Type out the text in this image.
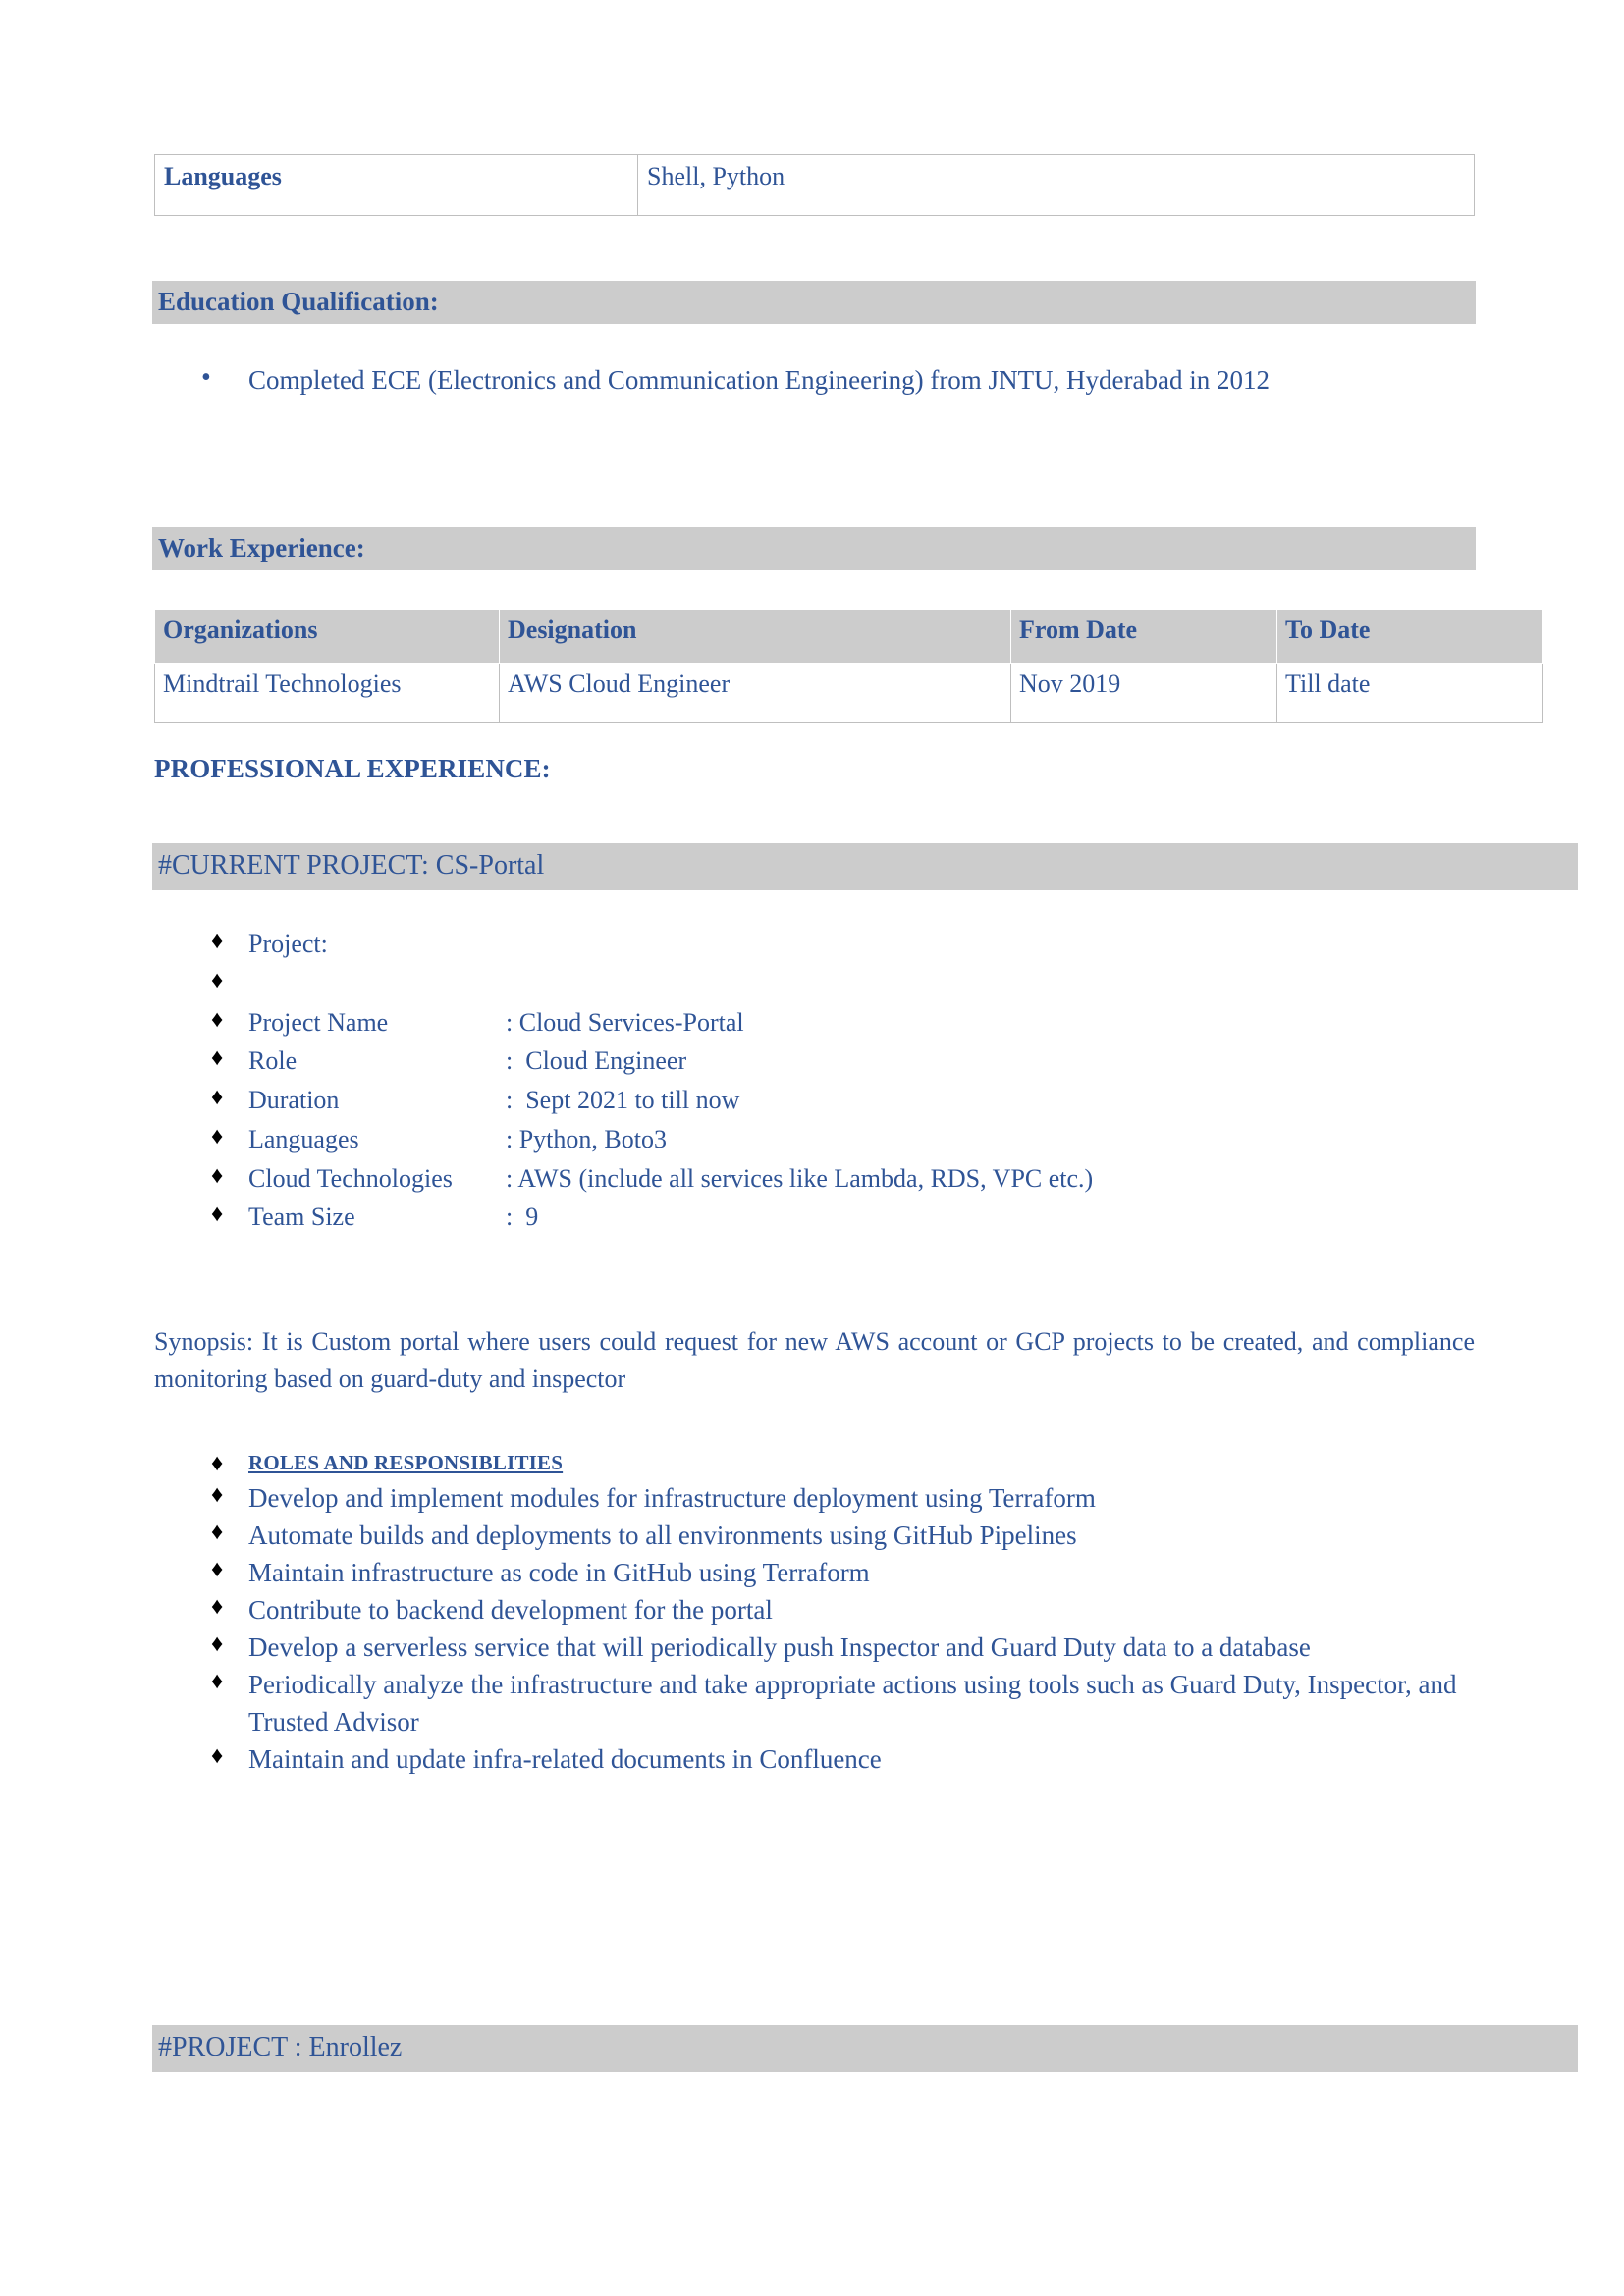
Languages	Shell, Python
Education Qualification:
• Completed ECE (Electronics and Communication Engineering) from JNTU, Hyderabad in 2012
Work Experience:
Organizations	Designation	From Date	To Date
Mindtrail Technologies	AWS Cloud Engineer	Nov 2019	Till date
PROFESSIONAL EXPERIENCE:
#CURRENT PROJECT: CS-Portal
♦ Project:
♦
♦ Project Name	: Cloud Services-Portal
♦ Role	:  Cloud Engineer
♦ Duration	:  Sept 2021 to till now
♦ Languages	: Python, Boto3
♦ Cloud Technologies : AWS (include all services like Lambda, RDS, VPC etc.)
♦ Team Size	:  9

Synopsis: It is Custom portal where users could request for new AWS account or GCP projects to be created, and compliance monitoring based on guard-duty and inspector

♦ ROLES AND RESPONSIBLITIES
♦ Develop and implement modules for infrastructure deployment using Terraform
♦ Automate builds and deployments to all environments using GitHub Pipelines
♦ Maintain infrastructure as code in GitHub using Terraform
♦ Contribute to backend development for the portal
♦ Develop a serverless service that will periodically push Inspector and Guard Duty data to a database
♦ Periodically analyze the infrastructure and take appropriate actions using tools such as Guard Duty, Inspector, and Trusted Advisor
♦ Maintain and update infra-related documents in Confluence
#PROJECT : Enrollez
